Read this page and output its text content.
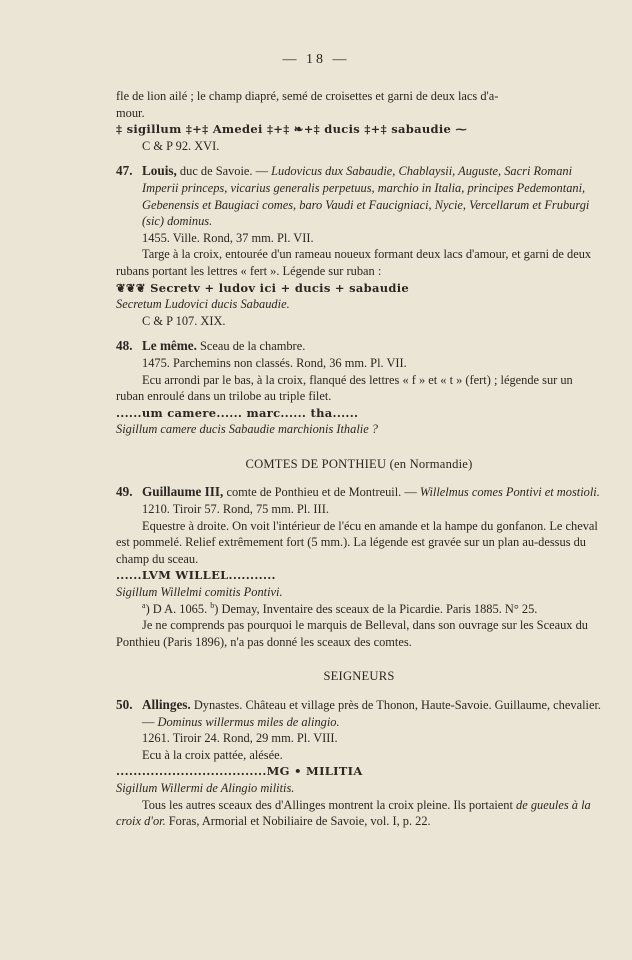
— 18 —

fle de lion ailé ; le champ diapré, semé de croisettes et garni de deux lacs d'a-

mour.

‡ sigillum ‡+‡ Amedei ‡+‡ ❧+‡ ducis ‡+‡ sabaudie ⁓

C & P 92. XVI.

47. Louis, duc de Savoie. — Ludovicus dux Sabaudie, Chablaysii, Auguste, Sacri Romani Imperii princeps, vicarius generalis perpetuus, marchio in Italia, principes Pedemontani, Gebenensis et Baugiaci comes, baro Vaudi et Faucigniaci, Nycie, Vercellarum et Fruburgi (sic) dominus.

1455. Ville. Rond, 37 mm. Pl. VII.

Targe à la croix, entourée d'un rameau noueux formant deux lacs d'amour, et garni de deux rubans portant les lettres « fert ». Légende sur ruban :

❦❦❦ Secretv + ludov ici + ducis + sabaudie

Secretum Ludovici ducis Sabaudie.

C & P 107. XIX.

48. Le même. Sceau de la chambre.

1475. Parchemins non classés. Rond, 36 mm. Pl. VII.

Ecu arrondi par le bas, à la croix, flanqué des lettres « f » et « t » (fert) ; légende sur un ruban enroulé dans un trilobe au triple filet.

......um camere...... marc...... tha......

Sigillum camere ducis Sabaudie marchionis Ithalie ?

COMTES DE PONTHIEU (en Normandie)
49. Guillaume III, comte de Ponthieu et de Montreuil. — Willelmus comes Pontivi et mostioli.

1210. Tiroir 57. Rond, 75 mm. Pl. III.

Equestre à droite. On voit l'intérieur de l'écu en amande et la hampe du gonfanon. Le cheval est pommelé. Relief extrêmement fort (5 mm.). La légende est gravée sur un plan au-dessus du champ du sceau.

......LVM WILLEL...........

Sigillum Willelmi comitis Pontivi.

$^a$) D A. 1065. $^b$) Demay, Inventaire des sceaux de la Picardie. Paris 1885. N° 25.

Je ne comprends pas pourquoi le marquis de Belleval, dans son ouvrage sur les Sceaux du Ponthieu (Paris 1896), n'a pas donné les sceaux des comtes.

SEIGNEURS
50. Allinges. Dynastes. Château et village près de Thonon, Haute-Savoie. Guillaume, chevalier. — Dominus willermus miles de alingio.

1261. Tiroir 24. Rond, 29 mm. Pl. VIII.

Ecu à la croix pattée, alésée.

...................................MG • MILITIA

Sigillum Willermi de Alingio militis.

Tous les autres sceaux des d'Allinges montrent la croix pleine. Ils portaient de gueules à la croix d'or. Foras, Armorial et Nobiliaire de Savoie, vol. I, p. 22.
